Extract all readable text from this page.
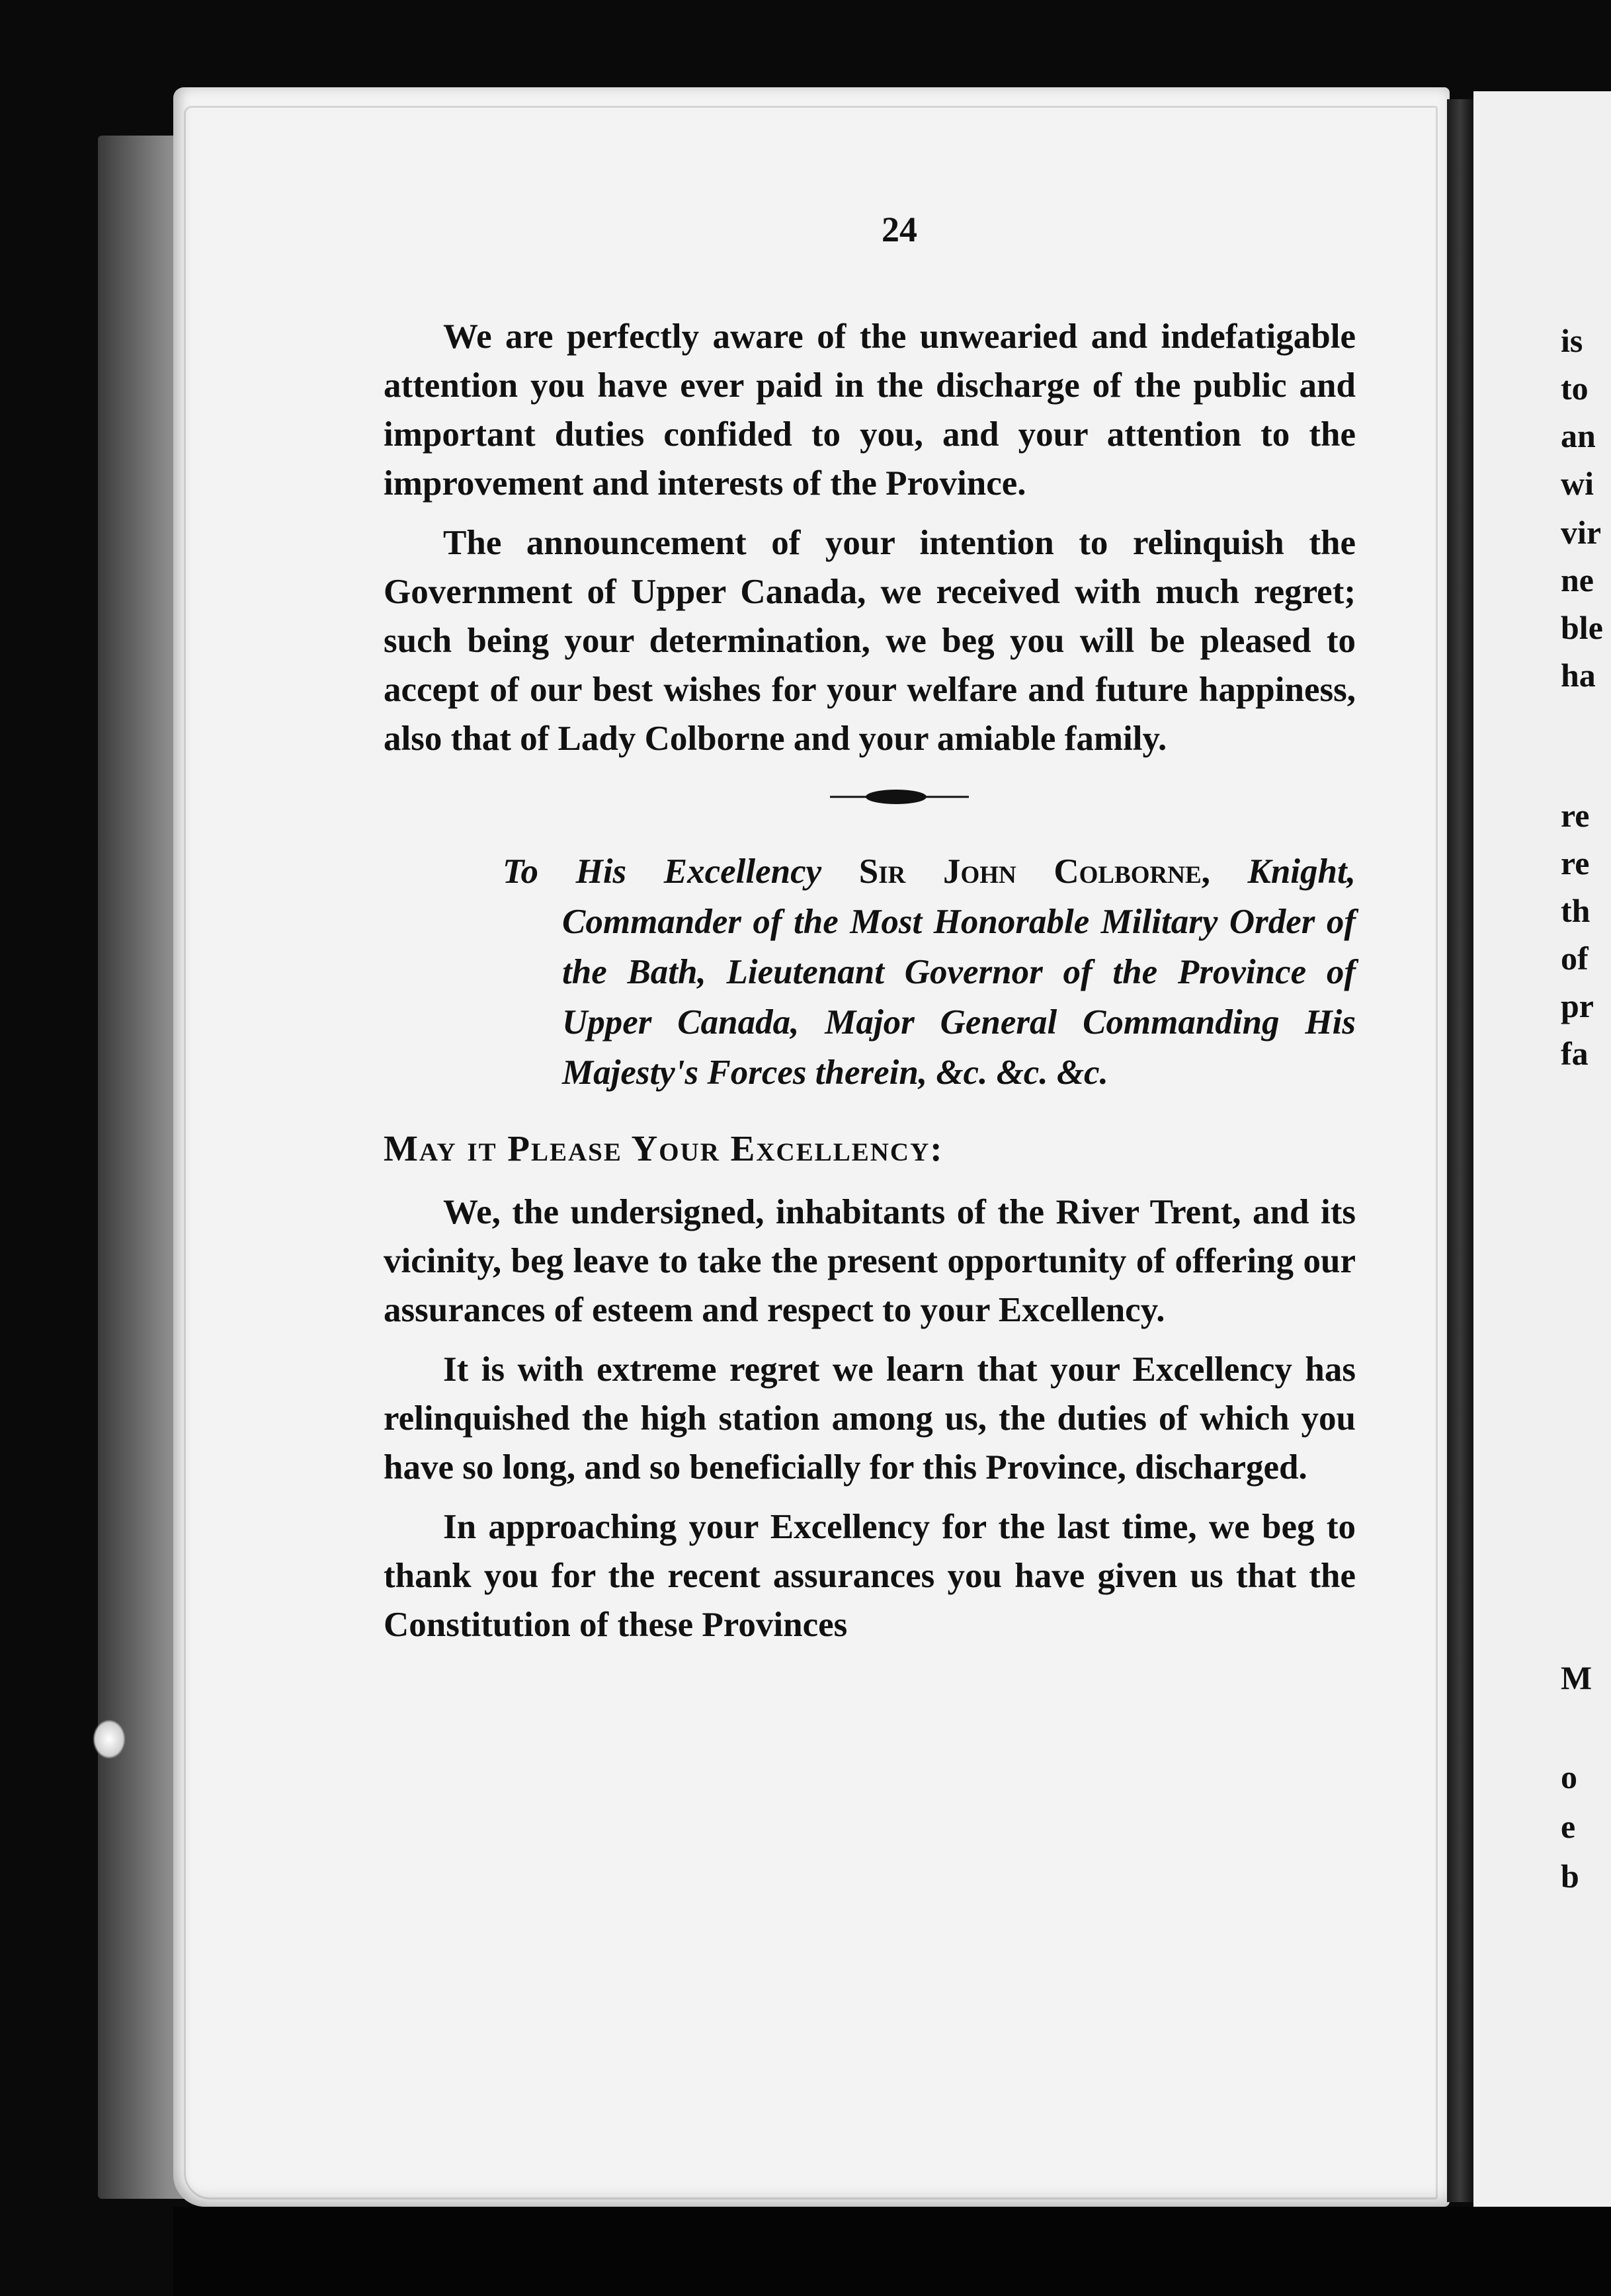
is

to

an

wi

vir

ne

ble

ha

re

re

th

of

pr

fa

M

o

e

b

24

We are perfectly aware of the unwearied and indefatigable attention you have ever paid in the discharge of the public and important duties confided to you, and your attention to the improvement and interests of the Province.

The announcement of your intention to relinquish the Government of Upper Canada, we received with much regret; such being your determination, we beg you will be pleased to accept of our best wishes for your welfare and future happiness, also that of Lady Colborne and your amiable family.

To His Excellency Sir John Colborne, Knight, Commander of the Most Honorable Military Order of the Bath, Lieutenant Governor of the Province of Upper Canada, Major General Commanding His Majesty's Forces therein, &c. &c. &c.

May it Please Your Excellency:

We, the undersigned, inhabitants of the River Trent, and its vicinity, beg leave to take the present opportunity of offering our assurances of esteem and respect to your Excellency.

It is with extreme regret we learn that your Excellency has relinquished the high station among us, the duties of which you have so long, and so beneficially for this Province, discharged.

In approaching your Excellency for the last time, we beg to thank you for the recent assurances you have given us that the Constitution of these Provinces
